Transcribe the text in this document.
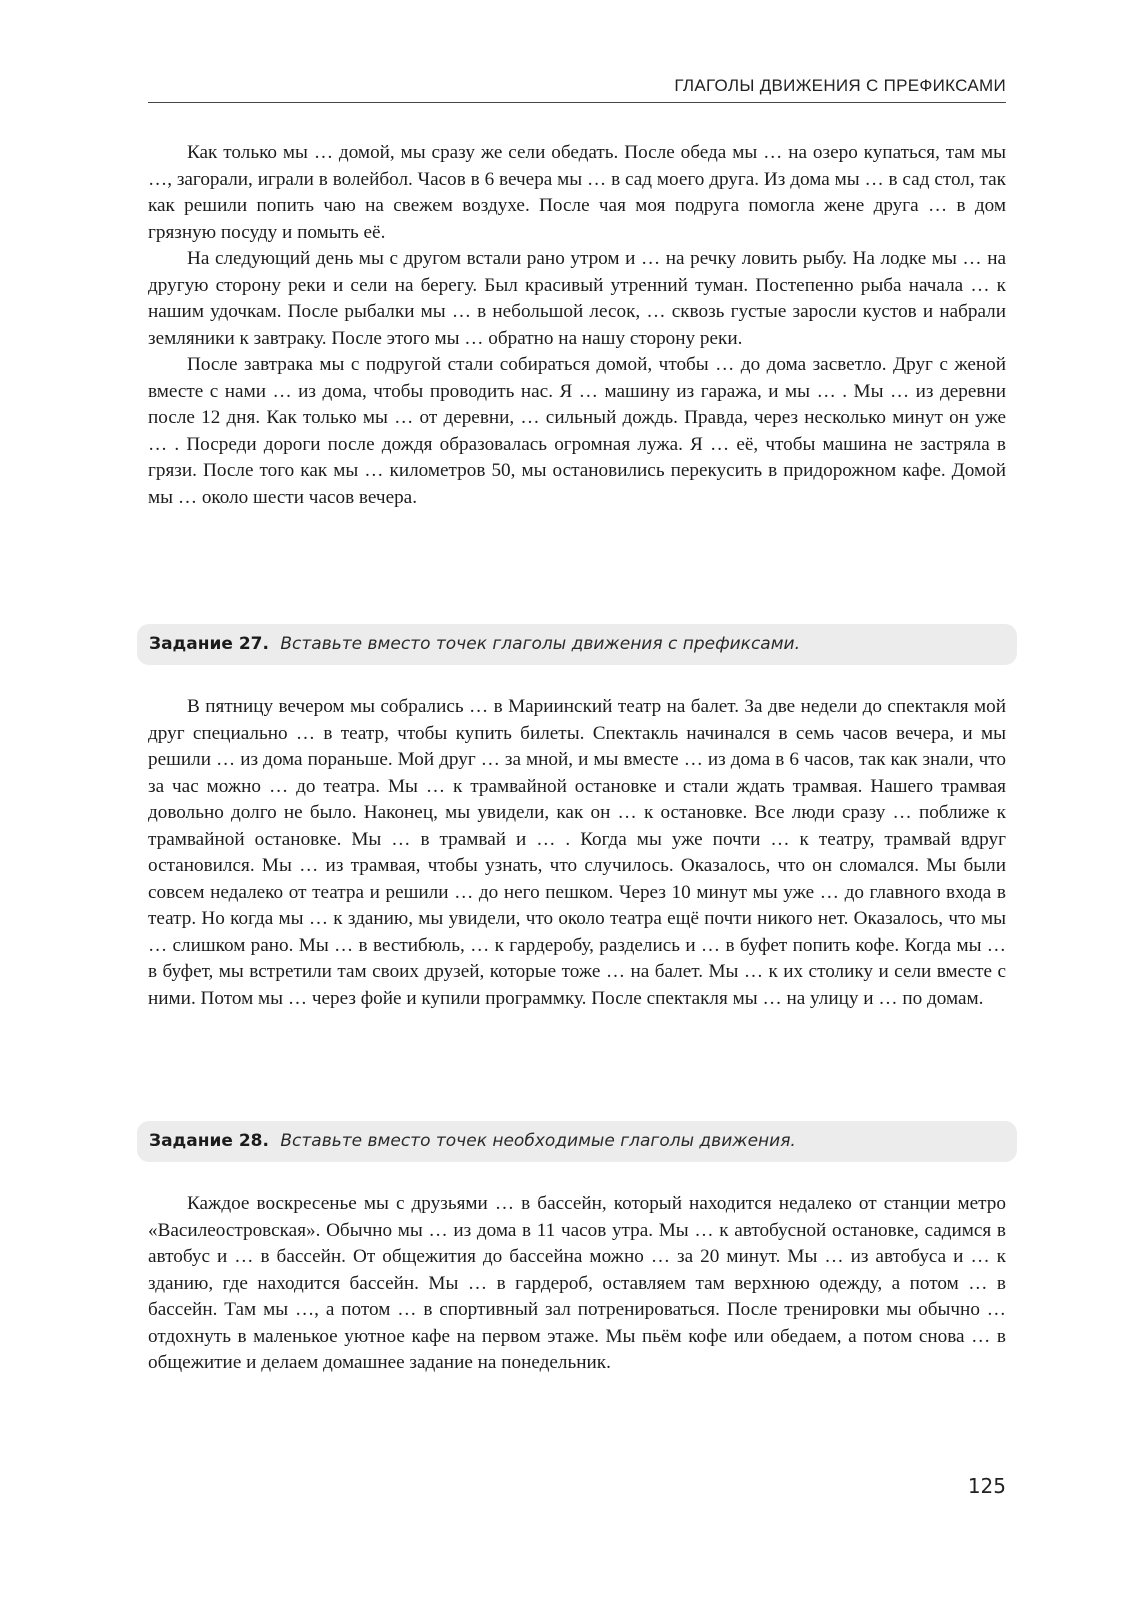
ГЛАГОЛЫ ДВИЖЕНИЯ С ПРЕФИКСАМИ

Как только мы … домой, мы сразу же сели обедать. После обеда мы … на озеро купаться, там мы …, загорали, играли в волейбол. Часов в 6 вечера мы … в сад моего друга. Из дома мы … в сад стол, так как решили попить чаю на свежем воздухе. После чая моя подруга помогла жене друга … в дом грязную посуду и помыть её.

На следующий день мы с другом встали рано утром и … на речку ловить рыбу. На лодке мы … на другую сторону реки и сели на берегу. Был красивый утренний туман. Постепенно рыба начала … к нашим удочкам. После рыбалки мы … в небольшой лесок, … сквозь густые заросли кустов и набрали земляники к завтраку. После этого мы … обратно на нашу сторону реки.

После завтрака мы с подругой стали собираться домой, чтобы … до дома засветло. Друг с женой вместе с нами … из дома, чтобы проводить нас. Я … машину из гаража, и мы … . Мы … из деревни после 12 дня. Как только мы … от деревни, … сильный дождь. Правда, через несколько минут он уже … . Посреди дороги после дождя образовалась огромная лужа. Я … её, чтобы машина не застряла в грязи. После того как мы … километров 50, мы остановились перекусить в придорожном кафе. Домой мы … около шести часов вечера.

Задание 27. Вставьте вместо точек глаголы движения с префиксами.

В пятницу вечером мы собрались … в Мариинский театр на балет. За две недели до спектакля мой друг специально … в театр, чтобы купить билеты. Спектакль начинался в семь часов вечера, и мы решили … из дома пораньше. Мой друг … за мной, и мы вместе … из дома в 6 часов, так как знали, что за час можно … до театра. Мы … к трамвайной остановке и стали ждать трамвая. Нашего трамвая довольно долго не было. Наконец, мы увидели, как он … к остановке. Все люди сразу … поближе к трамвайной остановке. Мы … в трамвай и … . Когда мы уже почти … к театру, трамвай вдруг остановился. Мы … из трамвая, чтобы узнать, что случилось. Оказалось, что он сломался. Мы были совсем недалеко от театра и решили … до него пешком. Через 10 минут мы уже … до главного входа в театр. Но когда мы … к зданию, мы увидели, что около театра ещё почти никого нет. Оказалось, что мы … слишком рано. Мы … в вестибюль, … к гардеробу, разделись и … в буфет попить кофе. Когда мы … в буфет, мы встретили там своих друзей, которые тоже … на балет. Мы … к их столику и сели вместе с ними. Потом мы … через фойе и купили программку. После спектакля мы … на улицу и … по домам.

Задание 28. Вставьте вместо точек необходимые глаголы движения.

Каждое воскресенье мы с друзьями … в бассейн, который находится недалеко от станции метро «Василеостровская». Обычно мы … из дома в 11 часов утра. Мы … к автобусной остановке, садимся в автобус и … в бассейн. От общежития до бассейна можно … за 20 минут. Мы … из автобуса и … к зданию, где находится бассейн. Мы … в гардероб, оставляем там верхнюю одежду, а потом … в бассейн. Там мы …, а потом … в спортивный зал потренироваться. После тренировки мы обычно … отдохнуть в маленькое уютное кафе на первом этаже. Мы пьём кофе или обедаем, а потом снова … в общежитие и делаем домашнее задание на понедельник.

125
